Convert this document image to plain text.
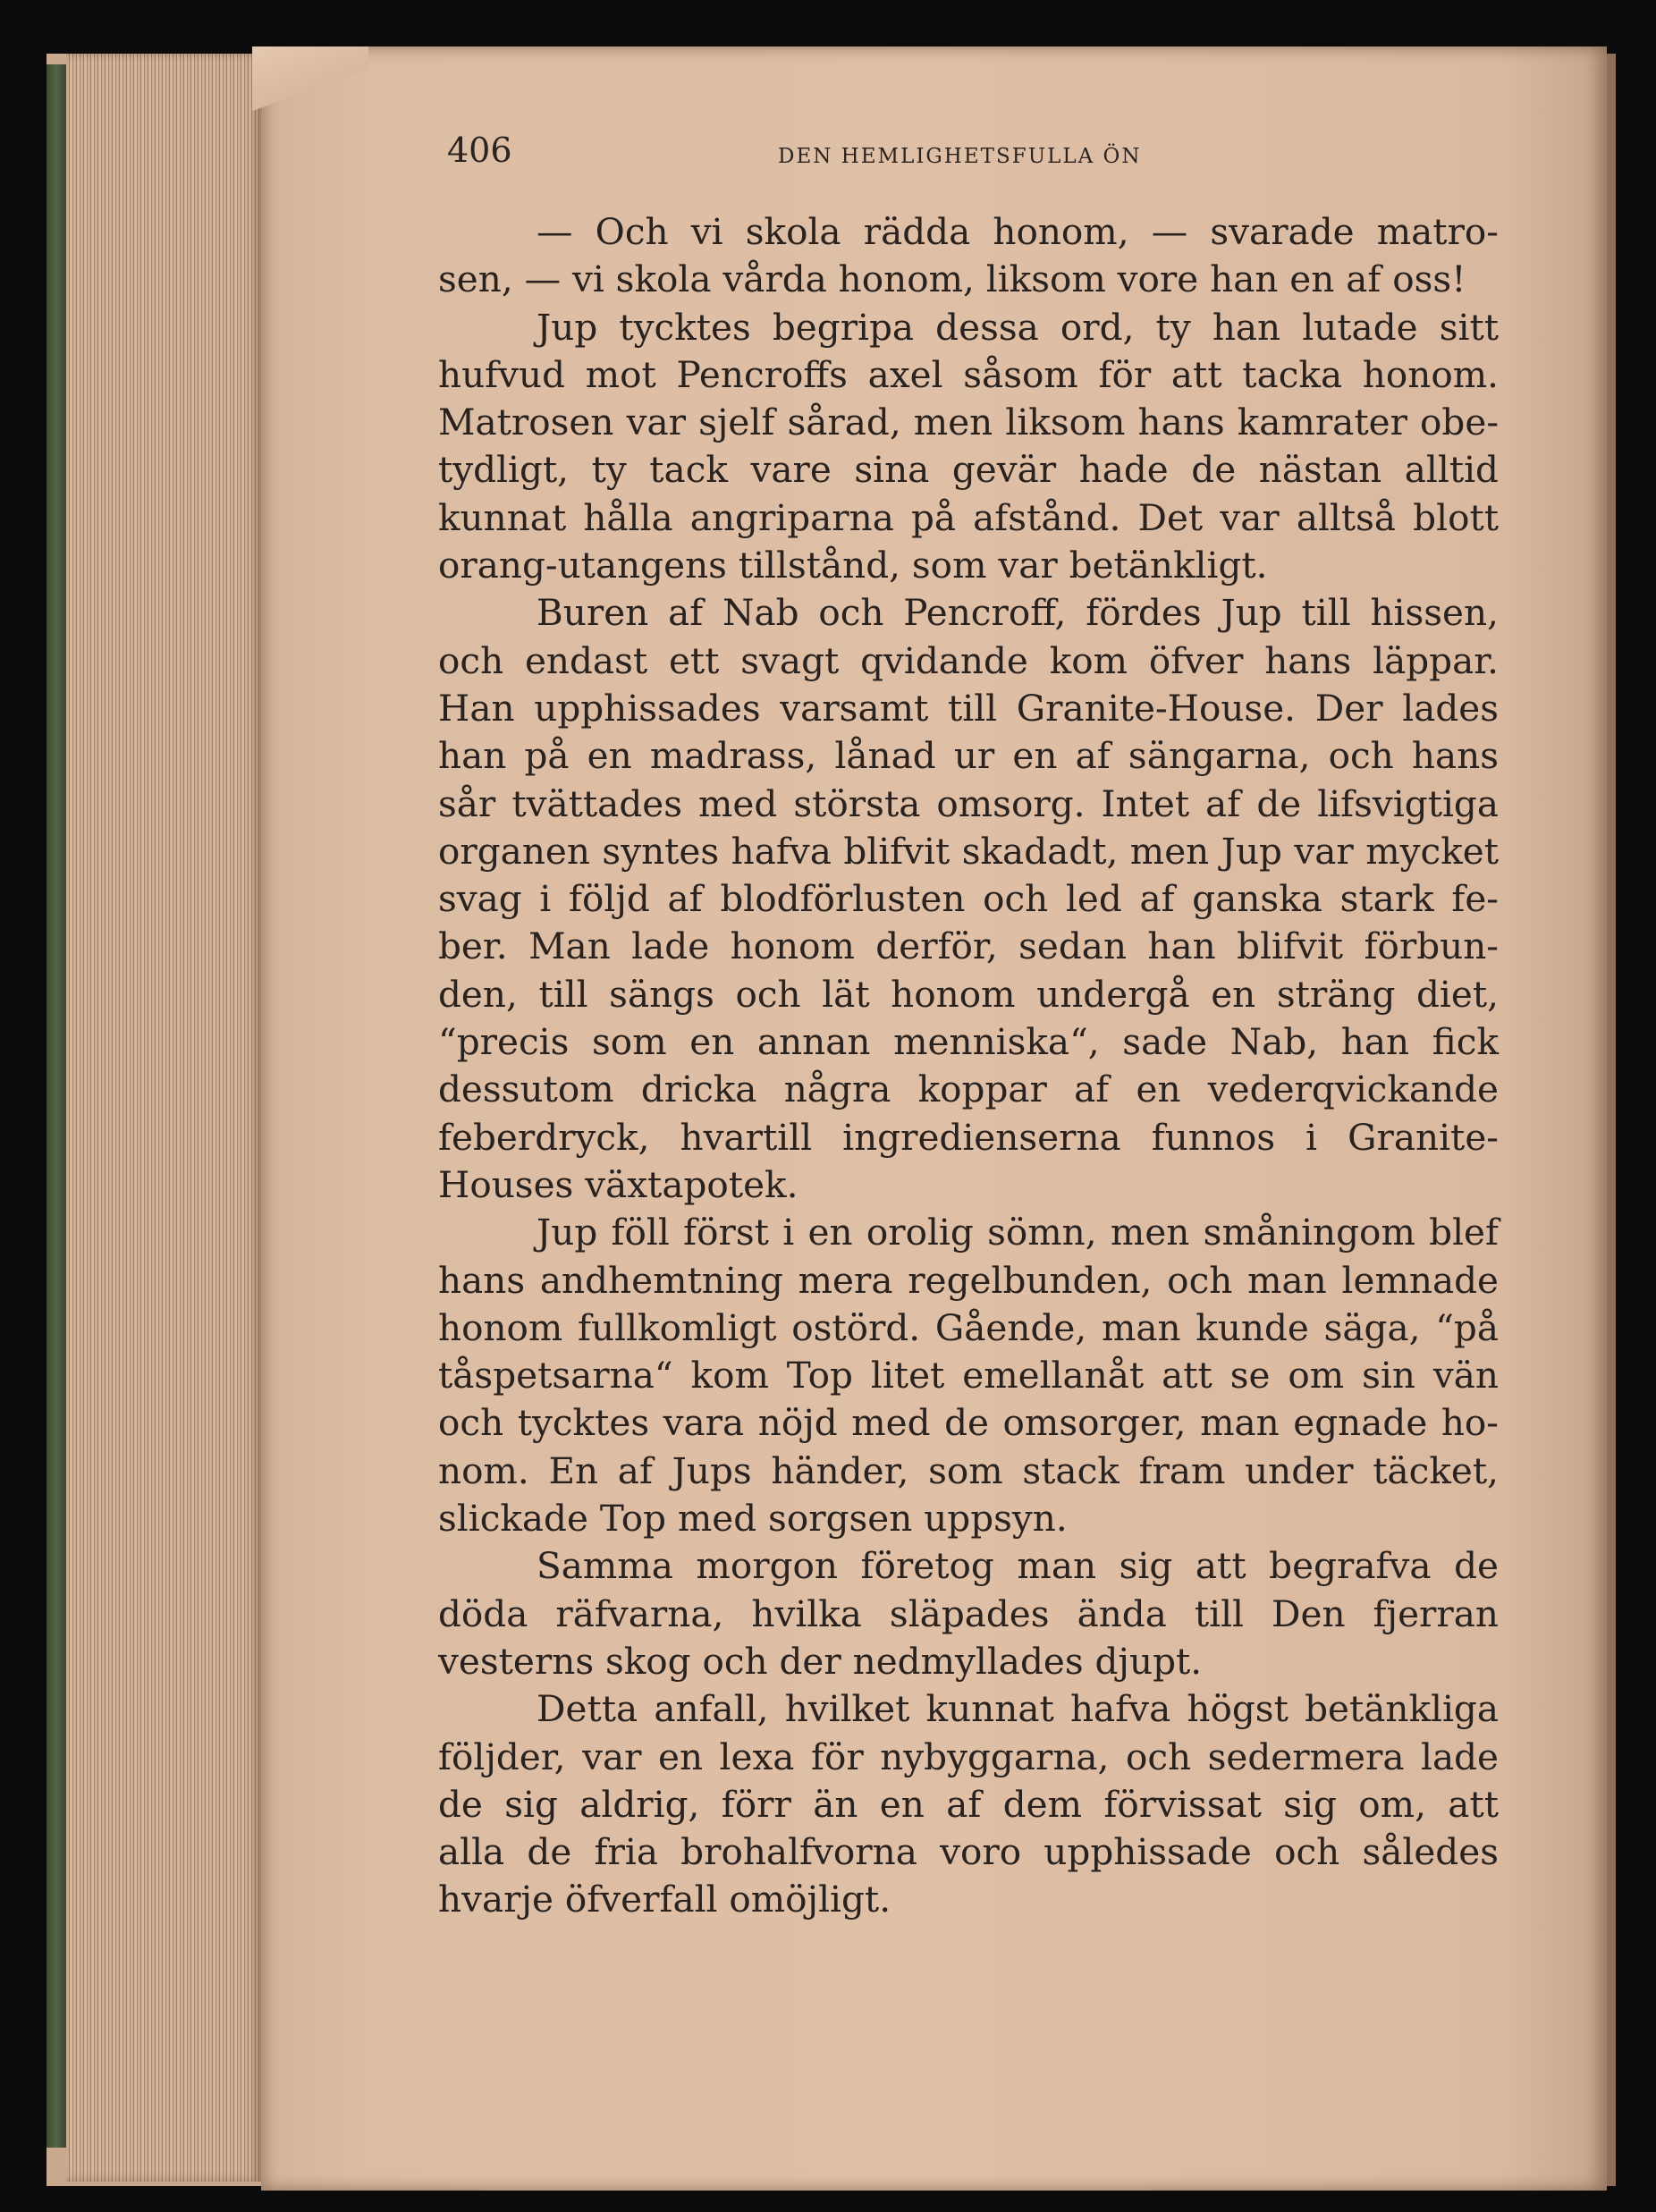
406	DEN HEMLIGHETSFULLA ÖN
— Och vi skola rädda honom, — svarade matro-
sen, — vi skola vårda honom, liksom vore han en af oss!
Jup tycktes begripa dessa ord, ty han lutade sitt
hufvud mot Pencroffs axel såsom för att tacka honom.
Matrosen var sjelf sårad, men liksom hans kamrater obe-
tydligt, ty tack vare sina gevär hade de nästan alltid
kunnat hålla angriparna på afstånd. Det var alltså blott
orang-utangens tillstånd, som var betänkligt.
Buren af Nab och Pencroff, fördes Jup till hissen,
och endast ett svagt qvidande kom öfver hans läppar.
Han upphissades varsamt till Granite-House. Der lades
han på en madrass, lånad ur en af sängarna, och hans
sår tvättades med största omsorg. Intet af de lifsvigtiga
organen syntes hafva blifvit skadadt, men Jup var mycket
svag i följd af blodförlusten och led af ganska stark fe-
ber. Man lade honom derför, sedan han blifvit förbun-
den, till sängs och lät honom undergå en sträng diet,
“precis som en annan menniska“, sade Nab, han fick
dessutom dricka några koppar af en vederqvickande
feberdryck, hvartill ingredienserna funnos i Granite-
Houses växtapotek.
Jup föll först i en orolig sömn, men småningom blef
hans andhemtning mera regelbunden, och man lemnade
honom fullkomligt ostörd. Gående, man kunde säga, “på
tåspetsarna“ kom Top litet emellanåt att se om sin vän
och tycktes vara nöjd med de omsorger, man egnade ho-
nom. En af Jups händer, som stack fram under täcket,
slickade Top med sorgsen uppsyn.
Samma morgon företog man sig att begrafva de
döda räfvarna, hvilka släpades ända till Den fjerran
vesterns skog och der nedmyllades djupt.
Detta anfall, hvilket kunnat hafva högst betänkliga
följder, var en lexa för nybyggarna, och sedermera lade
de sig aldrig, förr än en af dem förvissat sig om, att
alla de fria brohalfvorna voro upphissade och således
hvarje öfverfall omöjligt.
